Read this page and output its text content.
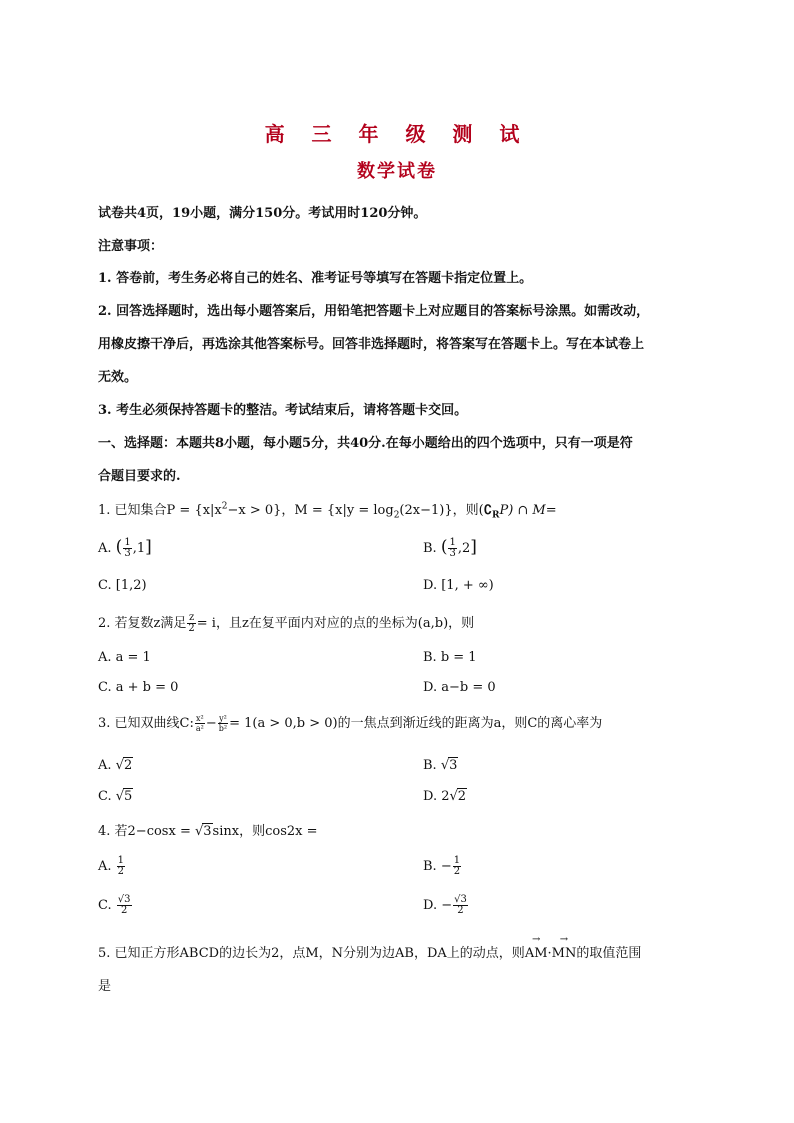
高 三 年 级 测 试
数学试卷
试卷共4页，19小题，满分150分。考试用时120分钟。
注意事项：
1. 答卷前，考生务必将自己的姓名、准考证号等填写在答题卡指定位置上。
2. 回答选择题时，选出每小题答案后，用铅笔把答题卡上对应题目的答案标号涂黑。如需改动，
用橡皮擦干净后，再选涂其他答案标号。回答非选择题时，将答案写在答题卡上。写在本试卷上
无效。
3. 考生必须保持答题卡的整洁。考试结束后，请将答题卡交回。
一、选择题：本题共8小题，每小题5分，共40分.在每小题给出的四个选项中，只有一项是符
合题目要求的.
1. 已知集合$P = \{x|x^2-x > 0\}$，$M = \{x|y = \log_2(2x-1)\}$，则$(∁_RP)$ ∩ M=
A. ( $\frac{1}{3} ,1$]	B. ( $\frac{1}{3} ,2$]
C. [1,2)	D. [1, + ∞)
2. 若复数z满足 $\frac{z}{2} = i$，且z在复平面内对应的点的坐标为(a,b)，则
A. a = 1	B. b = 1
C. a + b = 0	D. a−b = 0
3. 已知双曲线C: $\frac{\text{x²}}{\text{a²}} - \frac{\text{y²}}{\text{b²}} = 1(a > 0,b > 0)$的一焦点到渐近线的距离为a，则C的离心率为
A. √2	B. √3
C. √5	D. 2√2
4. 若2−cosx = √3sinx，则cos2x =
A. $\frac{1}{2}$	B. − $\frac{1}{2}$
C. $\frac{√3}{2}$	D. − $\frac{√3}{2}$
5. 已知正方形ABCD的边长为2，点M，N分别为边AB，DA上的动点，则→ AM·→ MN的取值范围
是
